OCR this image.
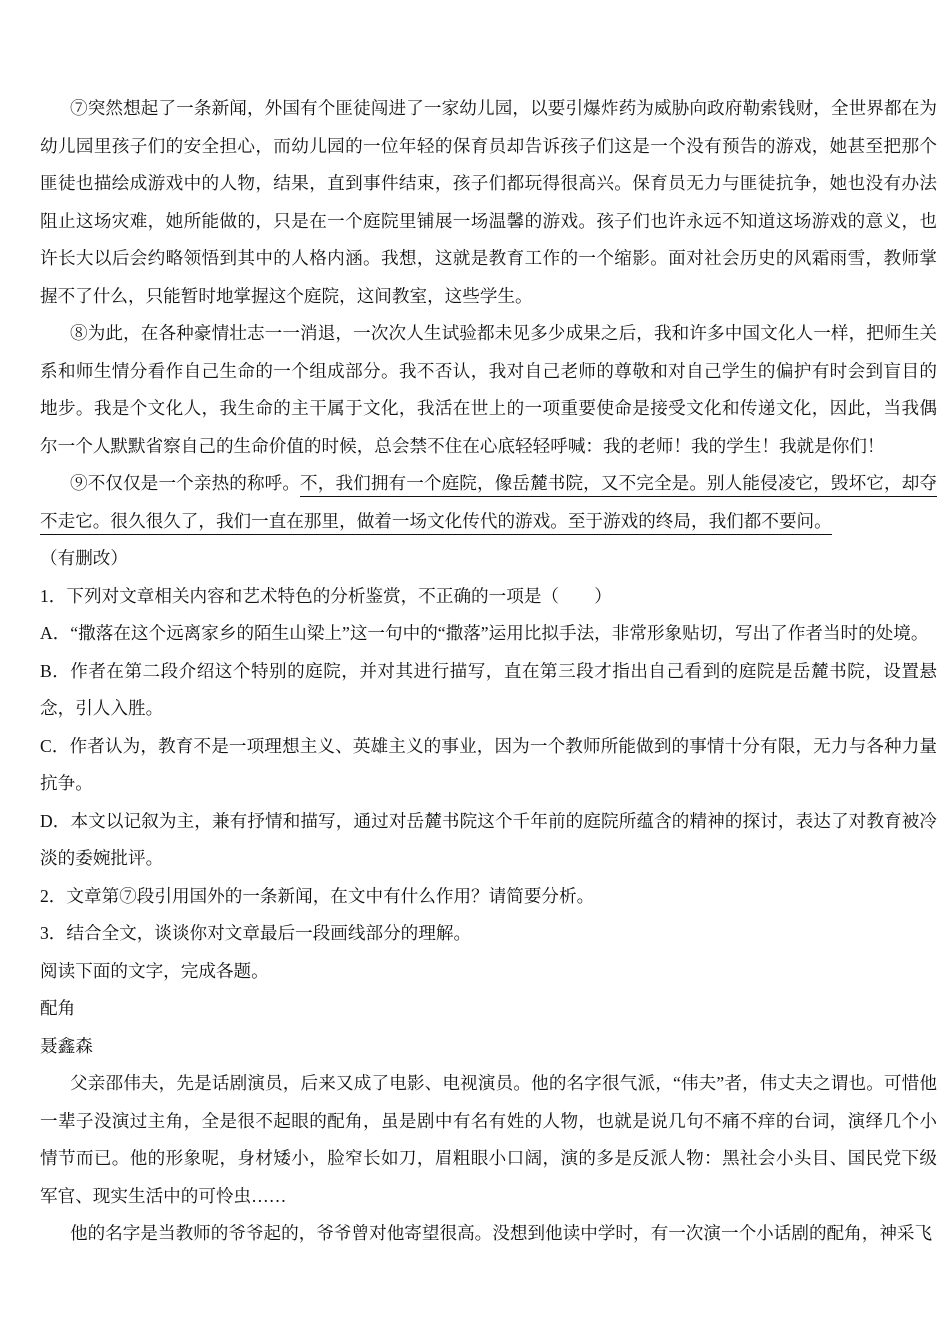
⑦突然想起了一条新闻，外国有个匪徒闯进了一家幼儿园，以要引爆炸药为威胁向政府勒索钱财，全世界都在为幼儿园里孩子们的安全担心，而幼儿园的一位年轻的保育员却告诉孩子们这是一个没有预告的游戏，她甚至把那个匪徒也描绘成游戏中的人物，结果，直到事件结束，孩子们都玩得很高兴。保育员无力与匪徒抗争，她也没有办法阻止这场灾难，她所能做的，只是在一个庭院里铺展一场温馨的游戏。孩子们也许永远不知道这场游戏的意义，也许长大以后会约略领悟到其中的人格内涵。我想，这就是教育工作的一个缩影。面对社会历史的风霜雨雪，教师掌握不了什么，只能暂时地掌握这个庭院，这间教室，这些学生。

⑧为此，在各种豪情壮志一一消退，一次次人生试验都未见多少成果之后，我和许多中国文化人一样，把师生关系和师生情分看作自己生命的一个组成部分。我不否认，我对自己老师的尊敬和对自己学生的偏护有时会到盲目的地步。我是个文化人，我生命的主干属于文化，我活在世上的一项重要使命是接受文化和传递文化，因此，当我偶尔一个人默默省察自己的生命价值的时候，总会禁不住在心底轻轻呼喊：我的老师！我的学生！我就是你们！

⑨不仅仅是一个亲热的称呼。不，我们拥有一个庭院，像岳麓书院，又不完全是。别人能侵凌它，毁坏它，却夺不走它。很久很久了，我们一直在那里，做着一场文化传代的游戏。至于游戏的终局，我们都不要问。

（有删改）

1．下列对文章相关内容和艺术特色的分析鉴赏，不正确的一项是（　　）

A．“撒落在这个远离家乡的陌生山梁上”这一句中的“撒落”运用比拟手法，非常形象贴切，写出了作者当时的处境。

B．作者在第二段介绍这个特别的庭院，并对其进行描写，直在第三段才指出自己看到的庭院是岳麓书院，设置悬念，引人入胜。

C．作者认为，教育不是一项理想主义、英雄主义的事业，因为一个教师所能做到的事情十分有限，无力与各种力量抗争。

D．本文以记叙为主，兼有抒情和描写，通过对岳麓书院这个千年前的庭院所蕴含的精神的探讨，表达了对教育被冷淡的委婉批评。

2．文章第⑦段引用国外的一条新闻，在文中有什么作用？请简要分析。

3．结合全文，谈谈你对文章最后一段画线部分的理解。

阅读下面的文字，完成各题。

配角

聂鑫森

父亲邵伟夫，先是话剧演员，后来又成了电影、电视演员。他的名字很气派，“伟夫”者，伟丈夫之谓也。可惜他一辈子没演过主角，全是很不起眼的配角，虽是剧中有名有姓的人物，也就是说几句不痛不痒的台词，演绎几个小情节而已。他的形象呢，身材矮小，脸窄长如刀，眉粗眼小口阔，演的多是反派人物：黑社会小头目、国民党下级军官、现实生活中的可怜虫……

他的名字是当教师的爷爷起的，爷爷曾对他寄望很高。没想到他读中学时，有一次演一个小话剧的配角，神采飞
